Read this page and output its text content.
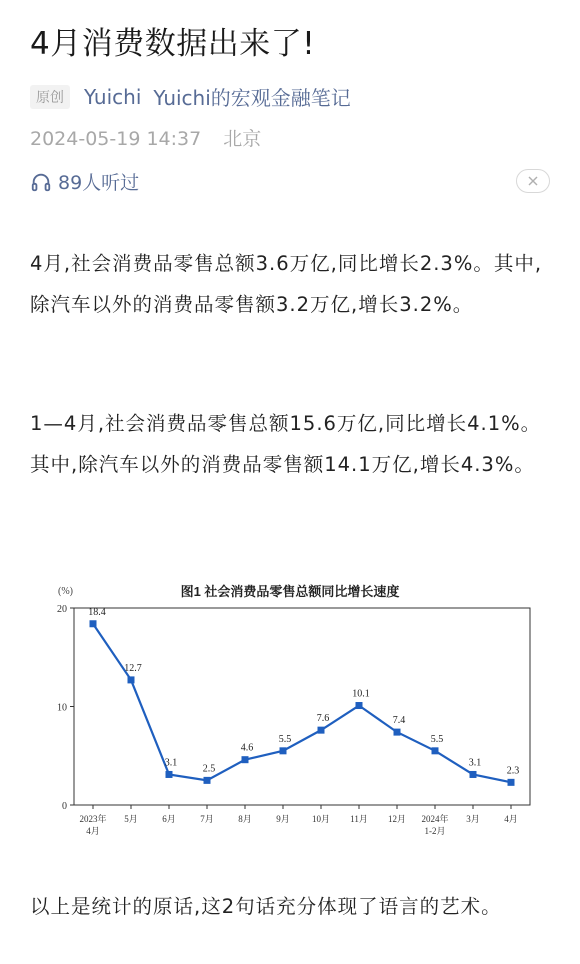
4月消费数据出来了!
原创	Yuichi Yuichi的宏观金融笔记
2024-05-19 14:37 北京
89人听过
4月,社会消费品零售总额3.6万亿,同比增长2.3%。其中,除汽车以外的消费品零售额3.2万亿,增长3.2%。
1—4月,社会消费品零售总额15.6万亿,同比增长4.1%。其中,除汽车以外的消费品零售额14.1万亿,增长4.3%。
图1 社会消费品零售总额同比增长速度
(%)
0
10
20
2023年
4月
5月	6月	7月	8月	9月 10月 11月 12月 2024年
1-2月
3月	4月
18.4
12.7
3.1
2.5
4.6
5.5
7.6
10.1
7.4
5.5
3.1
2.3
以上是统计的原话,这2句话充分体现了语言的艺术。
